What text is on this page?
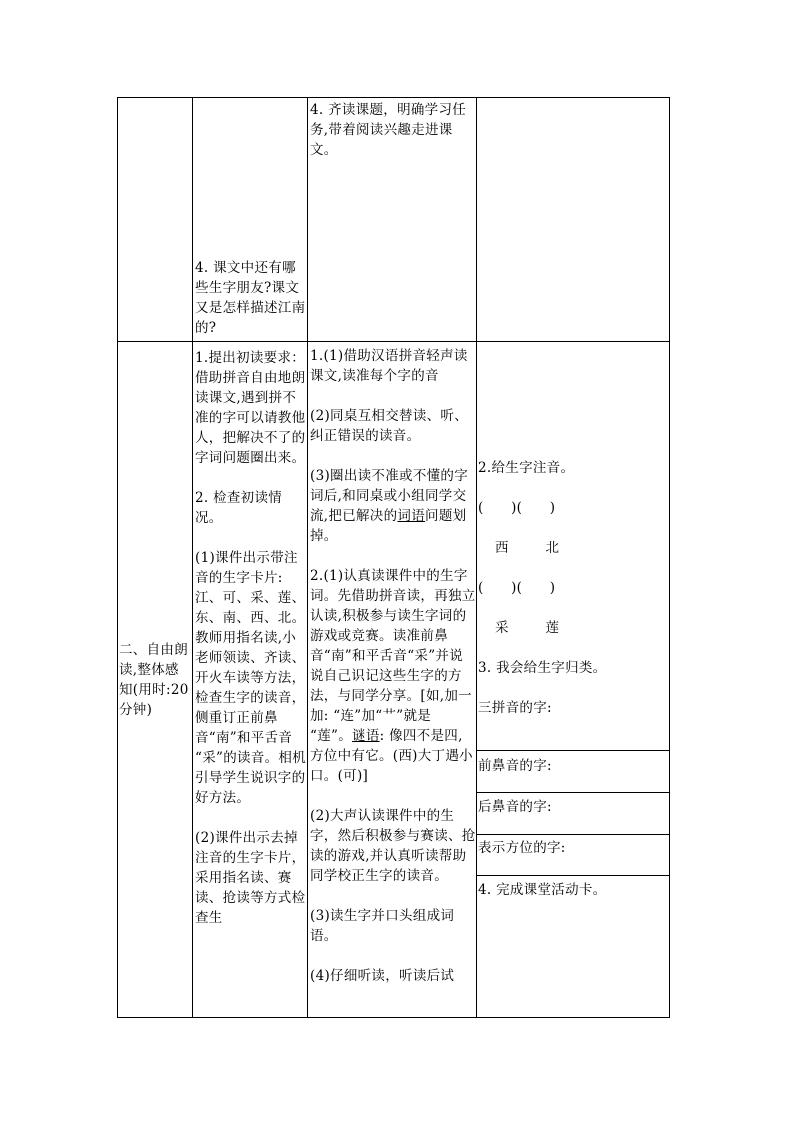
4. 课文中还有哪些生字朋友?课文又是怎样描述江南的?
4. 齐读课题，明确学习任务,带着阅读兴趣走进课文。
二、自由朗读,整体感知(用时:20分钟)

1.提出初读要求：借助拼音自由地朗读课文,遇到拼不准的字可以请教他人，把解决不了的字词问题圈出来。

2. 检查初读情况。

(1)课件出示带注音的生字卡片:江、可、采、莲、东、南、西、北。教师用指名读,小老师领读、齐读、开火车读等方法，检查生字的读音，侧重订正前鼻音“南”和平舌音 “采”的读音。相机引导学生说识字的好方法。

(2)课件出示去掉注音的生字卡片，采用指名读、赛读、抢读等方式检查生

1.(1)借助汉语拼音轻声读课文,读准每个字的音

(2)同桌互相交替读、听、纠正错误的读音。

(3)圈出读不准或不懂的字词后,和同桌或小组同学交流,把已解决的词语问题划掉。

2.(1)认真读课件中的生字词。先借助拼音读，再独立认读,积极参与读生字词的游戏或竞赛。读准前鼻音“南”和平舌音“采”并说说自己识记这些生字的方法，与同学分享。[如,加一加: “连”加“艹”就是 “莲”。谜语: 像四不是四,方位中有它。(西)大丁遇小口。(可)]

(2)大声认读课件中的生字，然后积极参与赛读、抢读的游戏,并认真听读帮助同学校正生字的读音。

(3)读生字并口头组成词语。

(4)仔细听读，听读后试

2.给生字注音。
(      )(      )
西        北
(      )(      )
采        莲
3. 我会给生字归类。
三拼音的字:
前鼻音的字:
后鼻音的字:
表示方位的字:
4. 完成课堂活动卡。
